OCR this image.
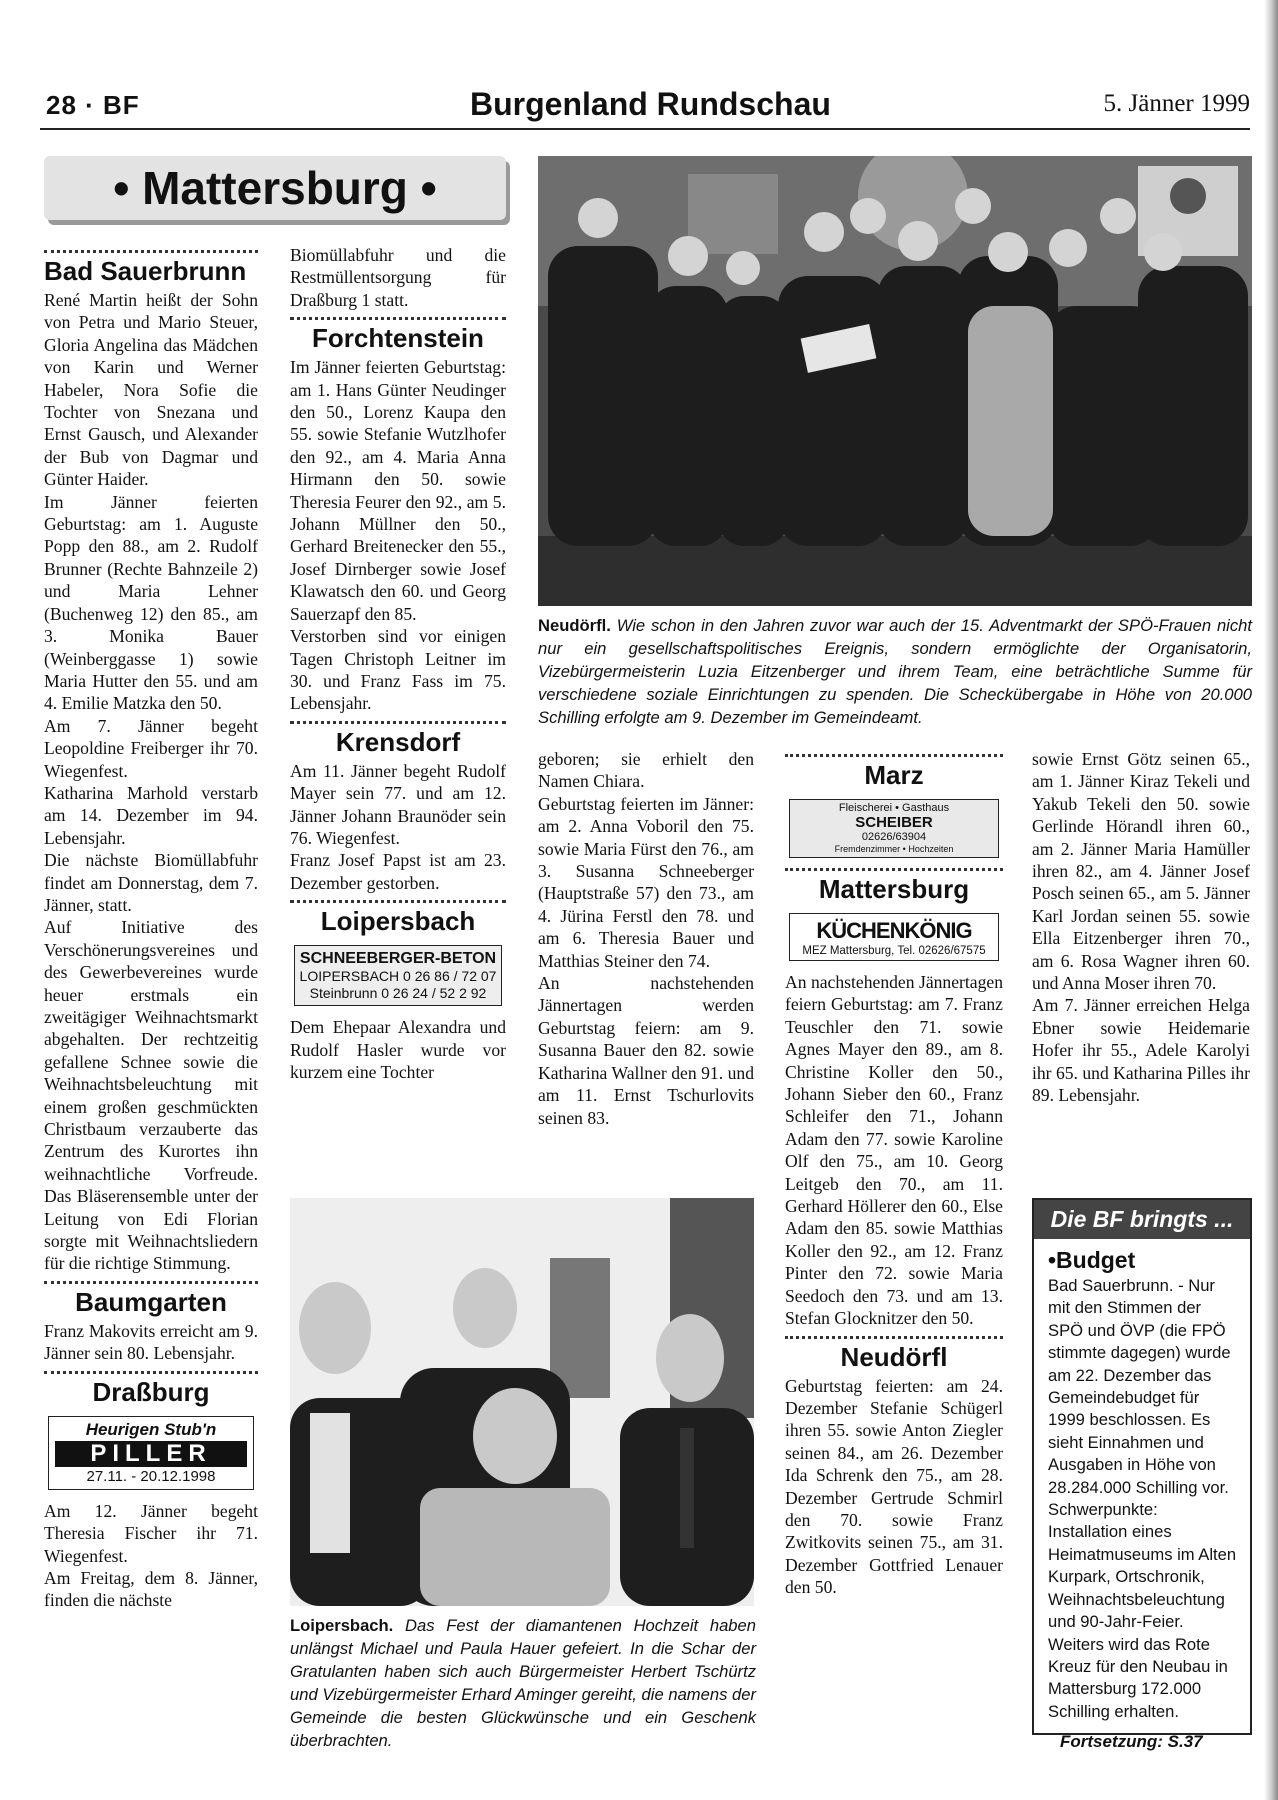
28 · BF	Burgenland Rundschau	5. Jänner 1999
• Mattersburg •
Bad Sauerbrunn

René Martin heißt der Sohn von Petra und Mario Steuer, Gloria Angelina das Mädchen von Karin und Werner Habeler, Nora Sofie die Tochter von Snezana und Ernst Gausch, und Alexander der Bub von Dagmar und Günter Haider.

Im Jänner feierten Geburtstag: am 1. Auguste Popp den 88., am 2. Rudolf Brunner (Rechte Bahnzeile 2) und Maria Lehner (Buchenweg 12) den 85., am 3. Monika Bauer (Weinberggasse 1) sowie Maria Hutter den 55. und am 4. Emilie Matzka den 50.

Am 7. Jänner begeht Leopoldine Freiberger ihr 70. Wiegenfest.

Katharina Marhold verstarb am 14. Dezember im 94. Lebensjahr.

Die nächste Biomüllabfuhr findet am Donnerstag, dem 7. Jänner, statt.

Auf Initiative des Verschönerungsvereines und des Gewerbevereines wurde heuer erstmals ein zweitägiger Weihnachtsmarkt abgehalten. Der rechtzeitig gefallene Schnee sowie die Weihnachtsbeleuchtung mit einem großen geschmückten Christbaum verzauberte das Zentrum des Kurortes ihn weihnachtliche Vorfreude. Das Bläserensemble unter der Leitung von Edi Florian sorgte mit Weihnachtsliedern für die richtige Stimmung.

Baumgarten

Franz Makovits erreicht am 9. Jänner sein 80. Lebensjahr.

Draßburg
Heurigen Stub'n
PILLER
27.11. - 20.12.1998

Am 12. Jänner begeht Theresia Fischer ihr 71. Wiegenfest.

Am Freitag, dem 8. Jänner, finden die nächste

Biomüllabfuhr und die Restmüllentsorgung für Draßburg 1 statt.

Forchtenstein

Im Jänner feierten Geburtstag: am 1. Hans Günter Neudinger den 50., Lorenz Kaupa den 55. sowie Stefanie Wutzlhofer den 92., am 4. Maria Anna Hirmann den 50. sowie Theresia Feurer den 92., am 5. Johann Müllner den 50., Gerhard Breitenecker den 55., Josef Dirnberger sowie Josef Klawatsch den 60. und Georg Sauerzapf den 85.

Verstorben sind vor einigen Tagen Christoph Leitner im 30. und Franz Fass im 75. Lebensjahr.

Krensdorf

Am 11. Jänner begeht Rudolf Mayer sein 77. und am 12. Jänner Johann Braunöder sein 76. Wiegenfest.

Franz Josef Papst ist am 23. Dezember gestorben.

Loipersbach
SCHNEEBERGER-BETON
LOIPERSBACH 0 26 86 / 72 07
Steinbrunn 0 26 24 / 52 2 92

Dem Ehepaar Alexandra und Rudolf Hasler wurde vor kurzem eine Tochter

Neudörfl. Wie schon in den Jahren zuvor war auch der 15. Adventmarkt der SPÖ-Frauen nicht nur ein gesellschaftspolitisches Ereignis, sondern ermöglichte der Organisatorin, Vizebürgermeisterin Luzia Eitzenberger und ihrem Team, eine beträchtliche Summe für verschiedene soziale Einrichtungen zu spenden. Die Scheckübergabe in Höhe von 20.000 Schilling erfolgte am 9. Dezember im Gemeindeamt.

geboren; sie erhielt den Namen Chiara.

Geburtstag feierten im Jänner: am 2. Anna Voboril den 75. sowie Maria Fürst den 76., am 3. Susanna Schneeberger (Hauptstraße 57) den 73., am 4. Jürina Ferstl den 78. und am 6. Theresia Bauer und Matthias Steiner den 74.

An nachstehenden Jännertagen werden Geburtstag feiern: am 9. Susanna Bauer den 82. sowie Katharina Wallner den 91. und am 11. Ernst Tschurlovits seinen 83.

Marz
Fleischerei • Gasthaus
SCHEIBER
02626/63904
Fremdenzimmer • Hochzeiten
Mattersburg
KÜCHENKÖNIG
MEZ Mattersburg, Tel. 02626/67575

An nachstehenden Jännertagen feiern Geburtstag: am 7. Franz Teuschler den 71. sowie Agnes Mayer den 89., am 8. Christine Koller den 50., Johann Sieber den 60., Franz Schleifer den 71., Johann Adam den 77. sowie Karoline Olf den 75., am 10. Georg Leitgeb den 70., am 11. Gerhard Höllerer den 60., Else Adam den 85. sowie Matthias Koller den 92., am 12. Franz Pinter den 72. sowie Maria Seedoch den 73. und am 13. Stefan Glocknitzer den 50.

Neudörfl

Geburtstag feierten: am 24. Dezember Stefanie Schügerl ihren 55. sowie Anton Ziegler seinen 84., am 26. Dezember Ida Schrenk den 75., am 28. Dezember Gertrude Schmirl den 70. sowie Franz Zwitkovits seinen 75., am 31. Dezember Gottfried Lenauer den 50.

sowie Ernst Götz seinen 65., am 1. Jänner Kiraz Tekeli und Yakub Tekeli den 50. sowie Gerlinde Hörandl ihren 60., am 2. Jänner Maria Hamüller ihren 82., am 4. Jänner Josef Posch seinen 65., am 5. Jänner Karl Jordan seinen 55. sowie Ella Eitzenberger ihren 70., am 6. Rosa Wagner ihren 60. und Anna Moser ihren 70.

Am 7. Jänner erreichen Helga Ebner sowie Heidemarie Hofer ihr 55., Adele Karolyi ihr 65. und Katharina Pilles ihr 89. Lebensjahr.

Loipersbach. Das Fest der diamantenen Hochzeit haben unlängst Michael und Paula Hauer gefeiert. In die Schar der Gratulanten haben sich auch Bürgermeister Herbert Tschürtz und Vizebürgermeister Erhard Aminger gereiht, die namens der Gemeinde die besten Glückwünsche und ein Geschenk überbrachten.
Die BF bringts ...
•Budget
Bad Sauerbrunn. - Nur mit den Stimmen der SPÖ und ÖVP (die FPÖ stimmte dagegen) wurde am 22. Dezember das Gemeindebudget für 1999 beschlossen. Es sieht Einnahmen und Ausgaben in Höhe von 28.284.000 Schilling vor. Schwerpunkte: Installation eines Heimatmuseums im Alten Kurpark, Ortschronik, Weihnachtsbeleuchtung und 90-Jahr-Feier. Weiters wird das Rote Kreuz für den Neubau in Mattersburg 172.000 Schilling erhalten.
Fortsetzung: S.37
